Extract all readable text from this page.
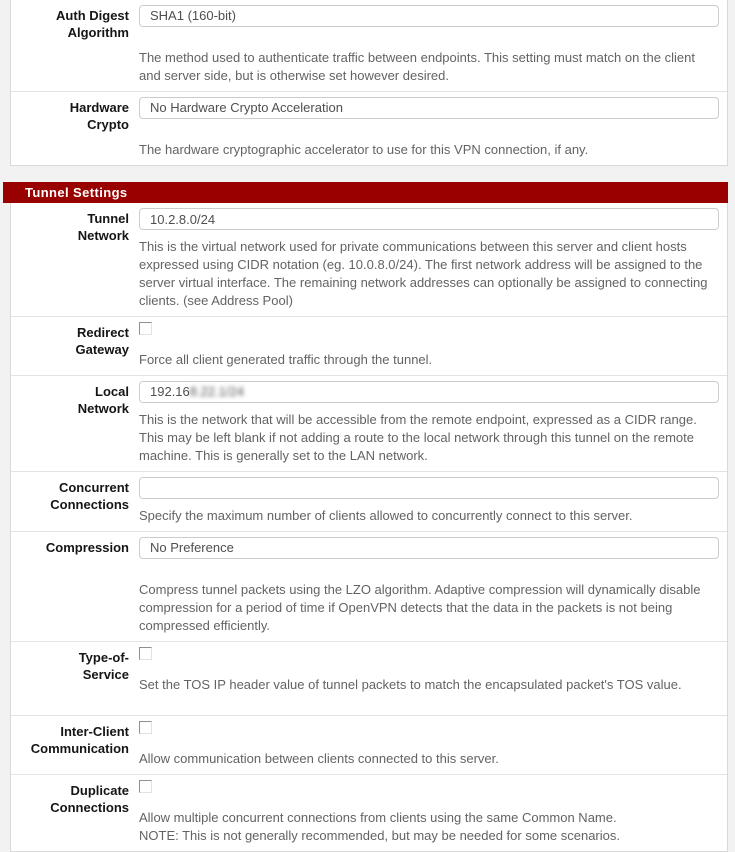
Auth Digest
Algorithm
SHA1 (160-bit)
The method used to authenticate traffic between endpoints. This setting must match on the client and server side, but is otherwise set however desired.
Hardware
Crypto
No Hardware Crypto Acceleration
The hardware cryptographic accelerator to use for this VPN connection, if any.
Tunnel Settings
Tunnel
Network
10.2.8.0/24
This is the virtual network used for private communications between this server and client hosts expressed using CIDR notation (eg. 10.0.8.0/24). The first network address will be assigned to the server virtual interface. The remaining network addresses can optionally be assigned to connecting clients. (see Address Pool)
Redirect
Gateway
Force all client generated traffic through the tunnel.
Local
Network
192.168.22.1/24
This is the network that will be accessible from the remote endpoint, expressed as a CIDR range. This may be left blank if not adding a route to the local network through this tunnel on the remote machine. This is generally set to the LAN network.
Concurrent
Connections
Specify the maximum number of clients allowed to concurrently connect to this server.
Compression	No Preference
Compress tunnel packets using the LZO algorithm. Adaptive compression will dynamically disable compression for a period of time if OpenVPN detects that the data in the packets is not being compressed efficiently.
Type-of-
Service
Set the TOS IP header value of tunnel packets to match the encapsulated packet's TOS value.
Inter-Client
Communication
Allow communication between clients connected to this server.
Duplicate
Connections
Allow multiple concurrent connections from clients using the same Common Name.
NOTE: This is not generally recommended, but may be needed for some scenarios.
